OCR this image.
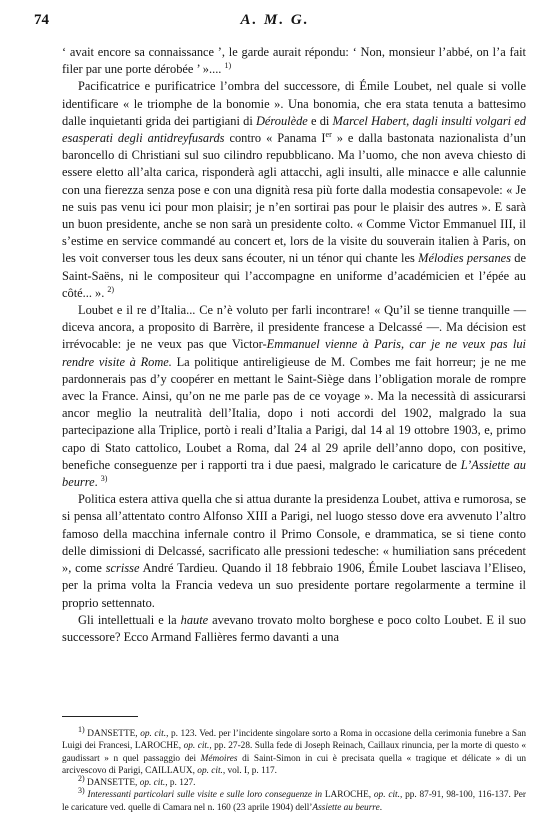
74	A. M. G.

‘ avait encore sa connaissance ’, le garde aurait répondu: ‘ Non, monsieur l’abbé, on l’a fait filer par une porte dérobée ’ ».... $^{1)}$

Pacificatrice e purificatrice l’ombra del successore, di Émile Loubet, nel quale si volle identificare « le triomphe de la bonomie ». Una bonomia, che era stata tenuta a battesimo dalle inquietanti grida dei partigiani di Déroulède e di Marcel Habert, dagli insulti volgari ed esasperati degli antidreyfusards contro « Panama Ier » e dalla bastonata nazionalista d’un baroncello di Christiani sul suo cilindro repubblicano. Ma l’uomo, che non aveva chiesto di essere eletto all’alta carica, risponderà agli attacchi, agli insulti, alle minacce e alle calunnie con una fierezza senza pose e con una dignità resa più forte dalla modestia consapevole: « Je ne suis pas venu ici pour mon plaisir; je n’en sortirai pas pour le plaisir des autres ». E sarà un buon presidente, anche se non sarà un presidente colto. « Comme Victor Emmanuel III, il s’estime en service commandé au concert et, lors de la visite du souverain italien à Paris, on les voit converser tous les deux sans écouter, ni un ténor qui chante les Mélodies persanes de Saint-Saëns, ni le compositeur qui l’accompagne en uniforme d’académicien et l’épée au côté... ». $^{2)}$

Loubet e il re d’Italia... Ce n’è voluto per farli incontrare! « Qu’il se tienne tranquille — diceva ancora, a proposito di Barrère, il presidente francese a Delcassé —. Ma décision est irrévocable: je ne veux pas que Victor-Emmanuel vienne à Paris, car je ne veux pas lui rendre visite à Rome. La politique antireligieuse de M. Combes me fait horreur; je ne me pardonnerais pas d’y coopérer en mettant le Saint-Siège dans l’obligation morale de rompre avec la France. Ainsi, qu’on ne me parle pas de ce voyage ». Ma la necessità di assicurarsi ancor meglio la neutralità dell’Italia, dopo i noti accordi del 1902, malgrado la sua partecipazione alla Triplice, portò i reali d’Italia a Parigi, dal 14 al 19 ottobre 1903, e, primo capo di Stato cattolico, Loubet a Roma, dal 24 al 29 aprile dell’anno dopo, con positive, benefiche conseguenze per i rapporti tra i due paesi, malgrado le caricature de L’Assiette au beurre. $^{3)}$

Politica estera attiva quella che si attua durante la presidenza Loubet, attiva e rumorosa, se si pensa all’attentato contro Alfonso XIII a Parigi, nel luogo stesso dove era avvenuto l’altro famoso della macchina infernale contro il Primo Console, e drammatica, se si tiene conto delle dimissioni di Delcassé, sacrificato alle pressioni tedesche: « humiliation sans précedent », come scrisse André Tardieu. Quando il 18 febbraio 1906, Émile Loubet lasciava l’Eliseo, per la prima volta la Francia vedeva un suo presidente portare regolarmente a termine il proprio settennato.

Gli intellettuali e la haute avevano trovato molto borghese e poco colto Loubet. E il suo successore? Ecco Armand Fallières fermo davanti a una

$^{1)}$ DANSETTE, op. cit., p. 123. Ved. per l’incidente singolare sorto a Roma in occasione della cerimonia funebre a San Luigi dei Francesi, LAROCHE, op. cit., pp. 27-28. Sulla fede di Joseph Reinach, Caillaux rinuncia, per la morte di questo « gaudissart » n quel passaggio dei Mémoires di Saint-Simon in cui è precisata quella « tragique et délicate » di un arcivescovo di Parigi, CAILLAUX, op. cit., vol. I, p. 117.

$^{2)}$ DANSETTE, op. cit., p. 127.

$^{3)}$ Interessanti particolari sulle visite e sulle loro conseguenze in LAROCHE, op. cit., pp. 87-91, 98-100, 116-137. Per le caricature ved. quelle di Camara nel n. 160 (23 aprile 1904) dell’Assiette au beurre.
